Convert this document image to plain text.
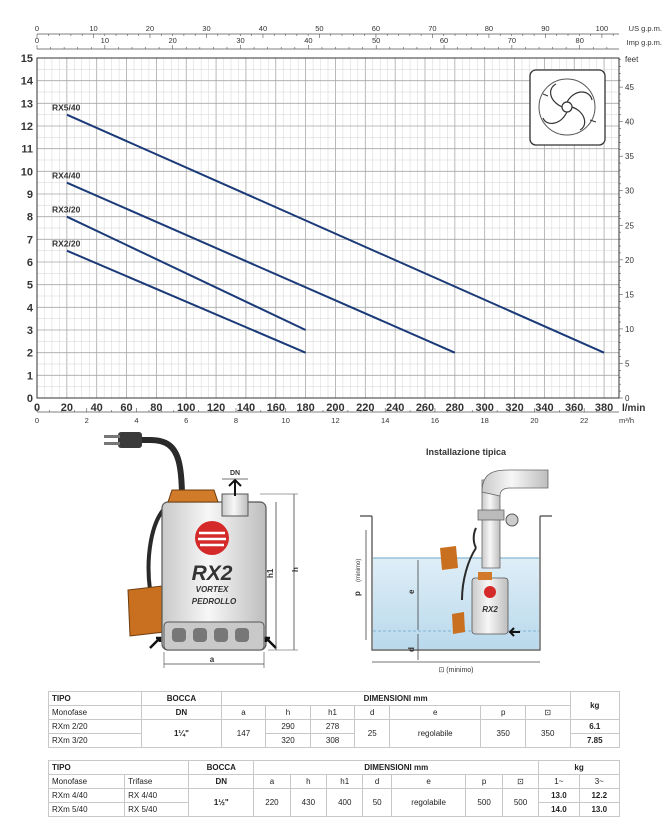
RX5/40
RX4/40
RX3/20
RX2/20
0
1
2
3
4
5
6
7
8
9
10
11
12
13
14
15
0 20 40 60 80 100 120 140 160 180 200 220 240 260 280 300 320 340 360 380 l/min
0	2	4	6	8	10	12	14	16	18	20	22	m³/h
0	10	20	30	40	50	60	70	80	90	100
0	10	20	30	40	50	60	70	80
US g.p.m.
Imp g.p.m.
0
5
10
15
20
25
30
35
40
45
feet
RX2
VORTEX
PEDROLLO
DN
h
h1
a
Installazione tipica
RX2
p
(minimo)
e
d
⊡ (minimo)
TIPO	BOCCA	DIMENSIONI mm							kg
Monofase	DN	a	h	h1	d	e	p	⊡	
RXm 2/20	1¼"	147	290	278	25	regolabile	350	350	6.1
RXm 3/20			320	308					7.85
TIPO		BOCCA	DIMENSIONI mm							kg	
Monofase	Trifase	DN	a	h	h1	d	e	p	⊡	1~	3~
RXm 4/40	RX 4/40	1½"	220	430	400	50	regolabile	500	500	13.0	12.2
RXm 5/40	RX 5/40									14.0	13.0
